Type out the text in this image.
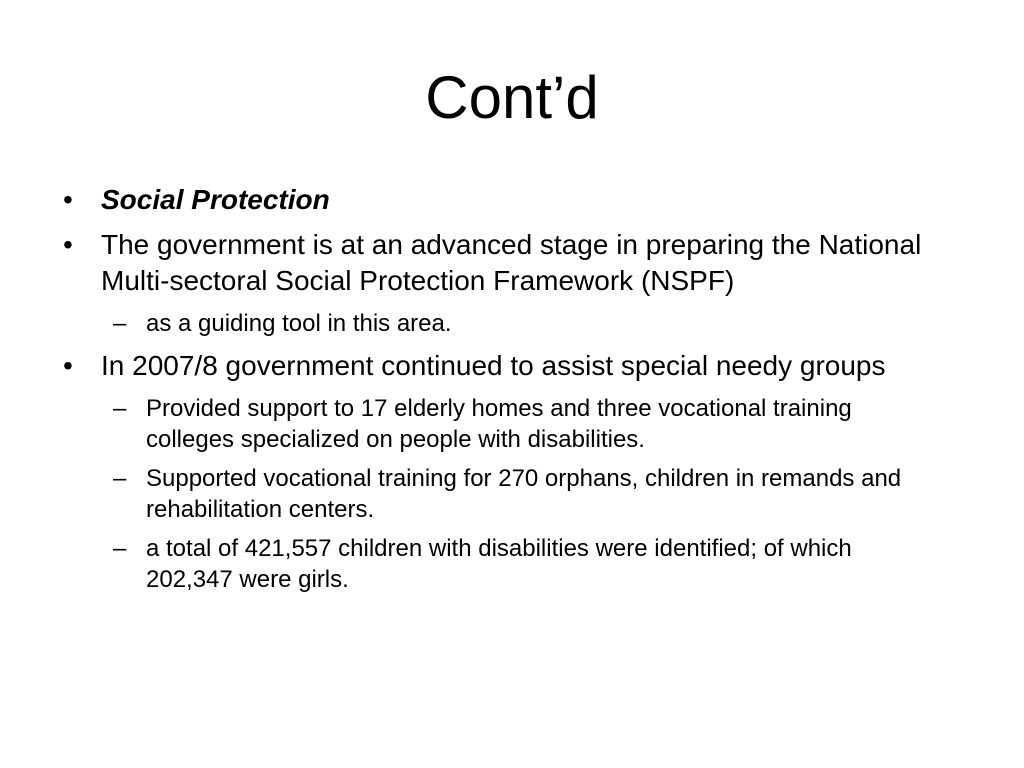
Cont’d
• Social Protection
• The government is at an advanced stage in preparing the National Multi-sectoral Social Protection Framework (NSPF)
– as a guiding tool in this area.
• In 2007/8 government continued to assist special needy groups
– Provided support to 17 elderly homes and three vocational training colleges specialized on people with disabilities.
– Supported vocational training for 270 orphans, children in remands and rehabilitation centers.
– a total of 421,557 children with disabilities were identified; of which 202,347 were girls.
